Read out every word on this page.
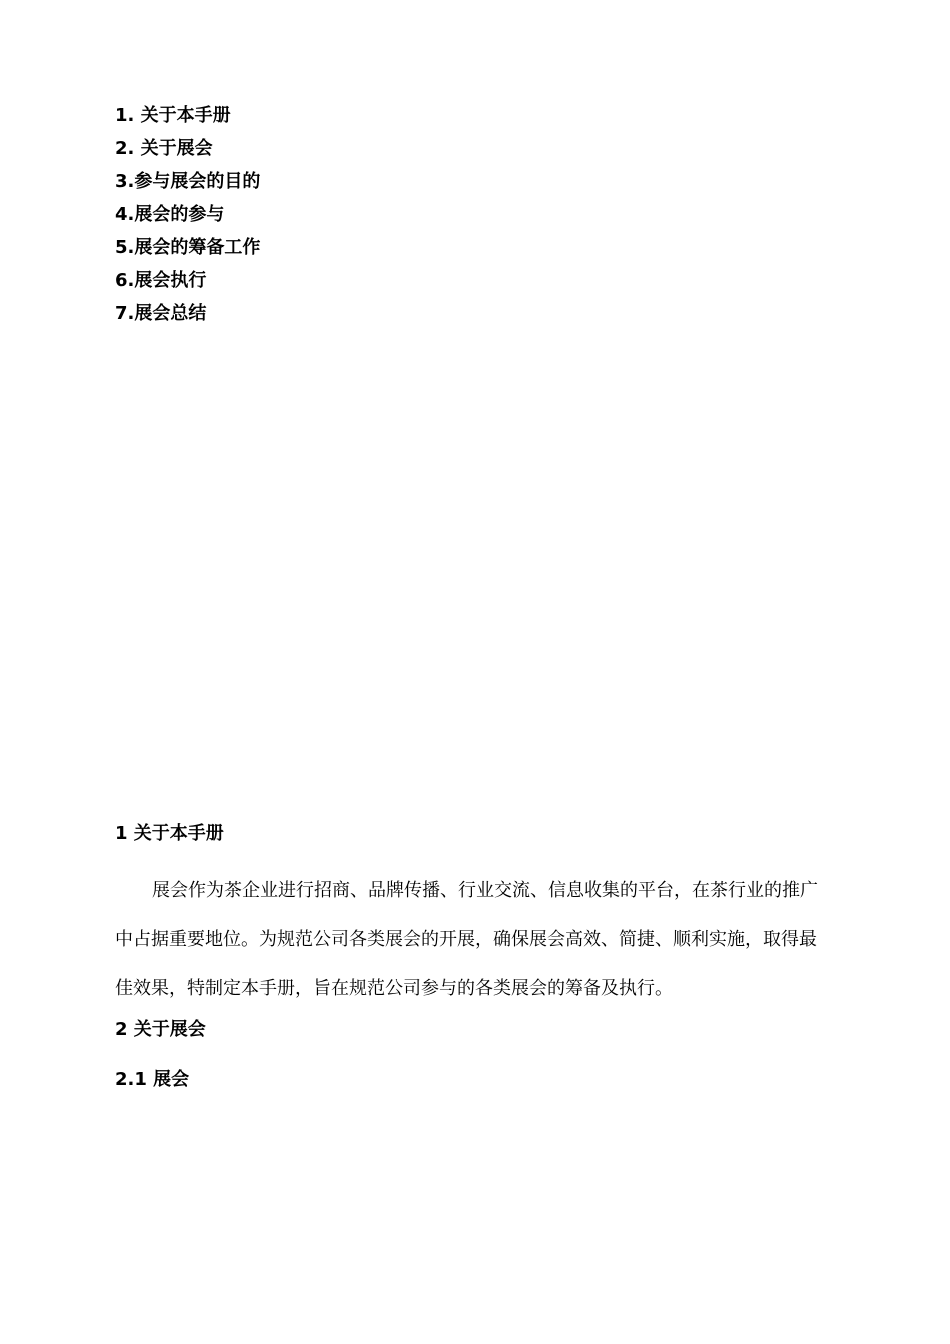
1. 关于本手册
2. 关于展会
3.参与展会的目的
4.展会的参与
5.展会的筹备工作
6.展会执行
7.展会总结
1 关于本手册

展会作为茶企业进行招商、品牌传播、行业交流、信息收集的平台，在茶行业的推广中占据重要地位。为规范公司各类展会的开展，确保展会高效、简捷、顺利实施，取得最佳效果，特制定本手册，旨在规范公司参与的各类展会的筹备及执行。

2 关于展会
2.1 展会
